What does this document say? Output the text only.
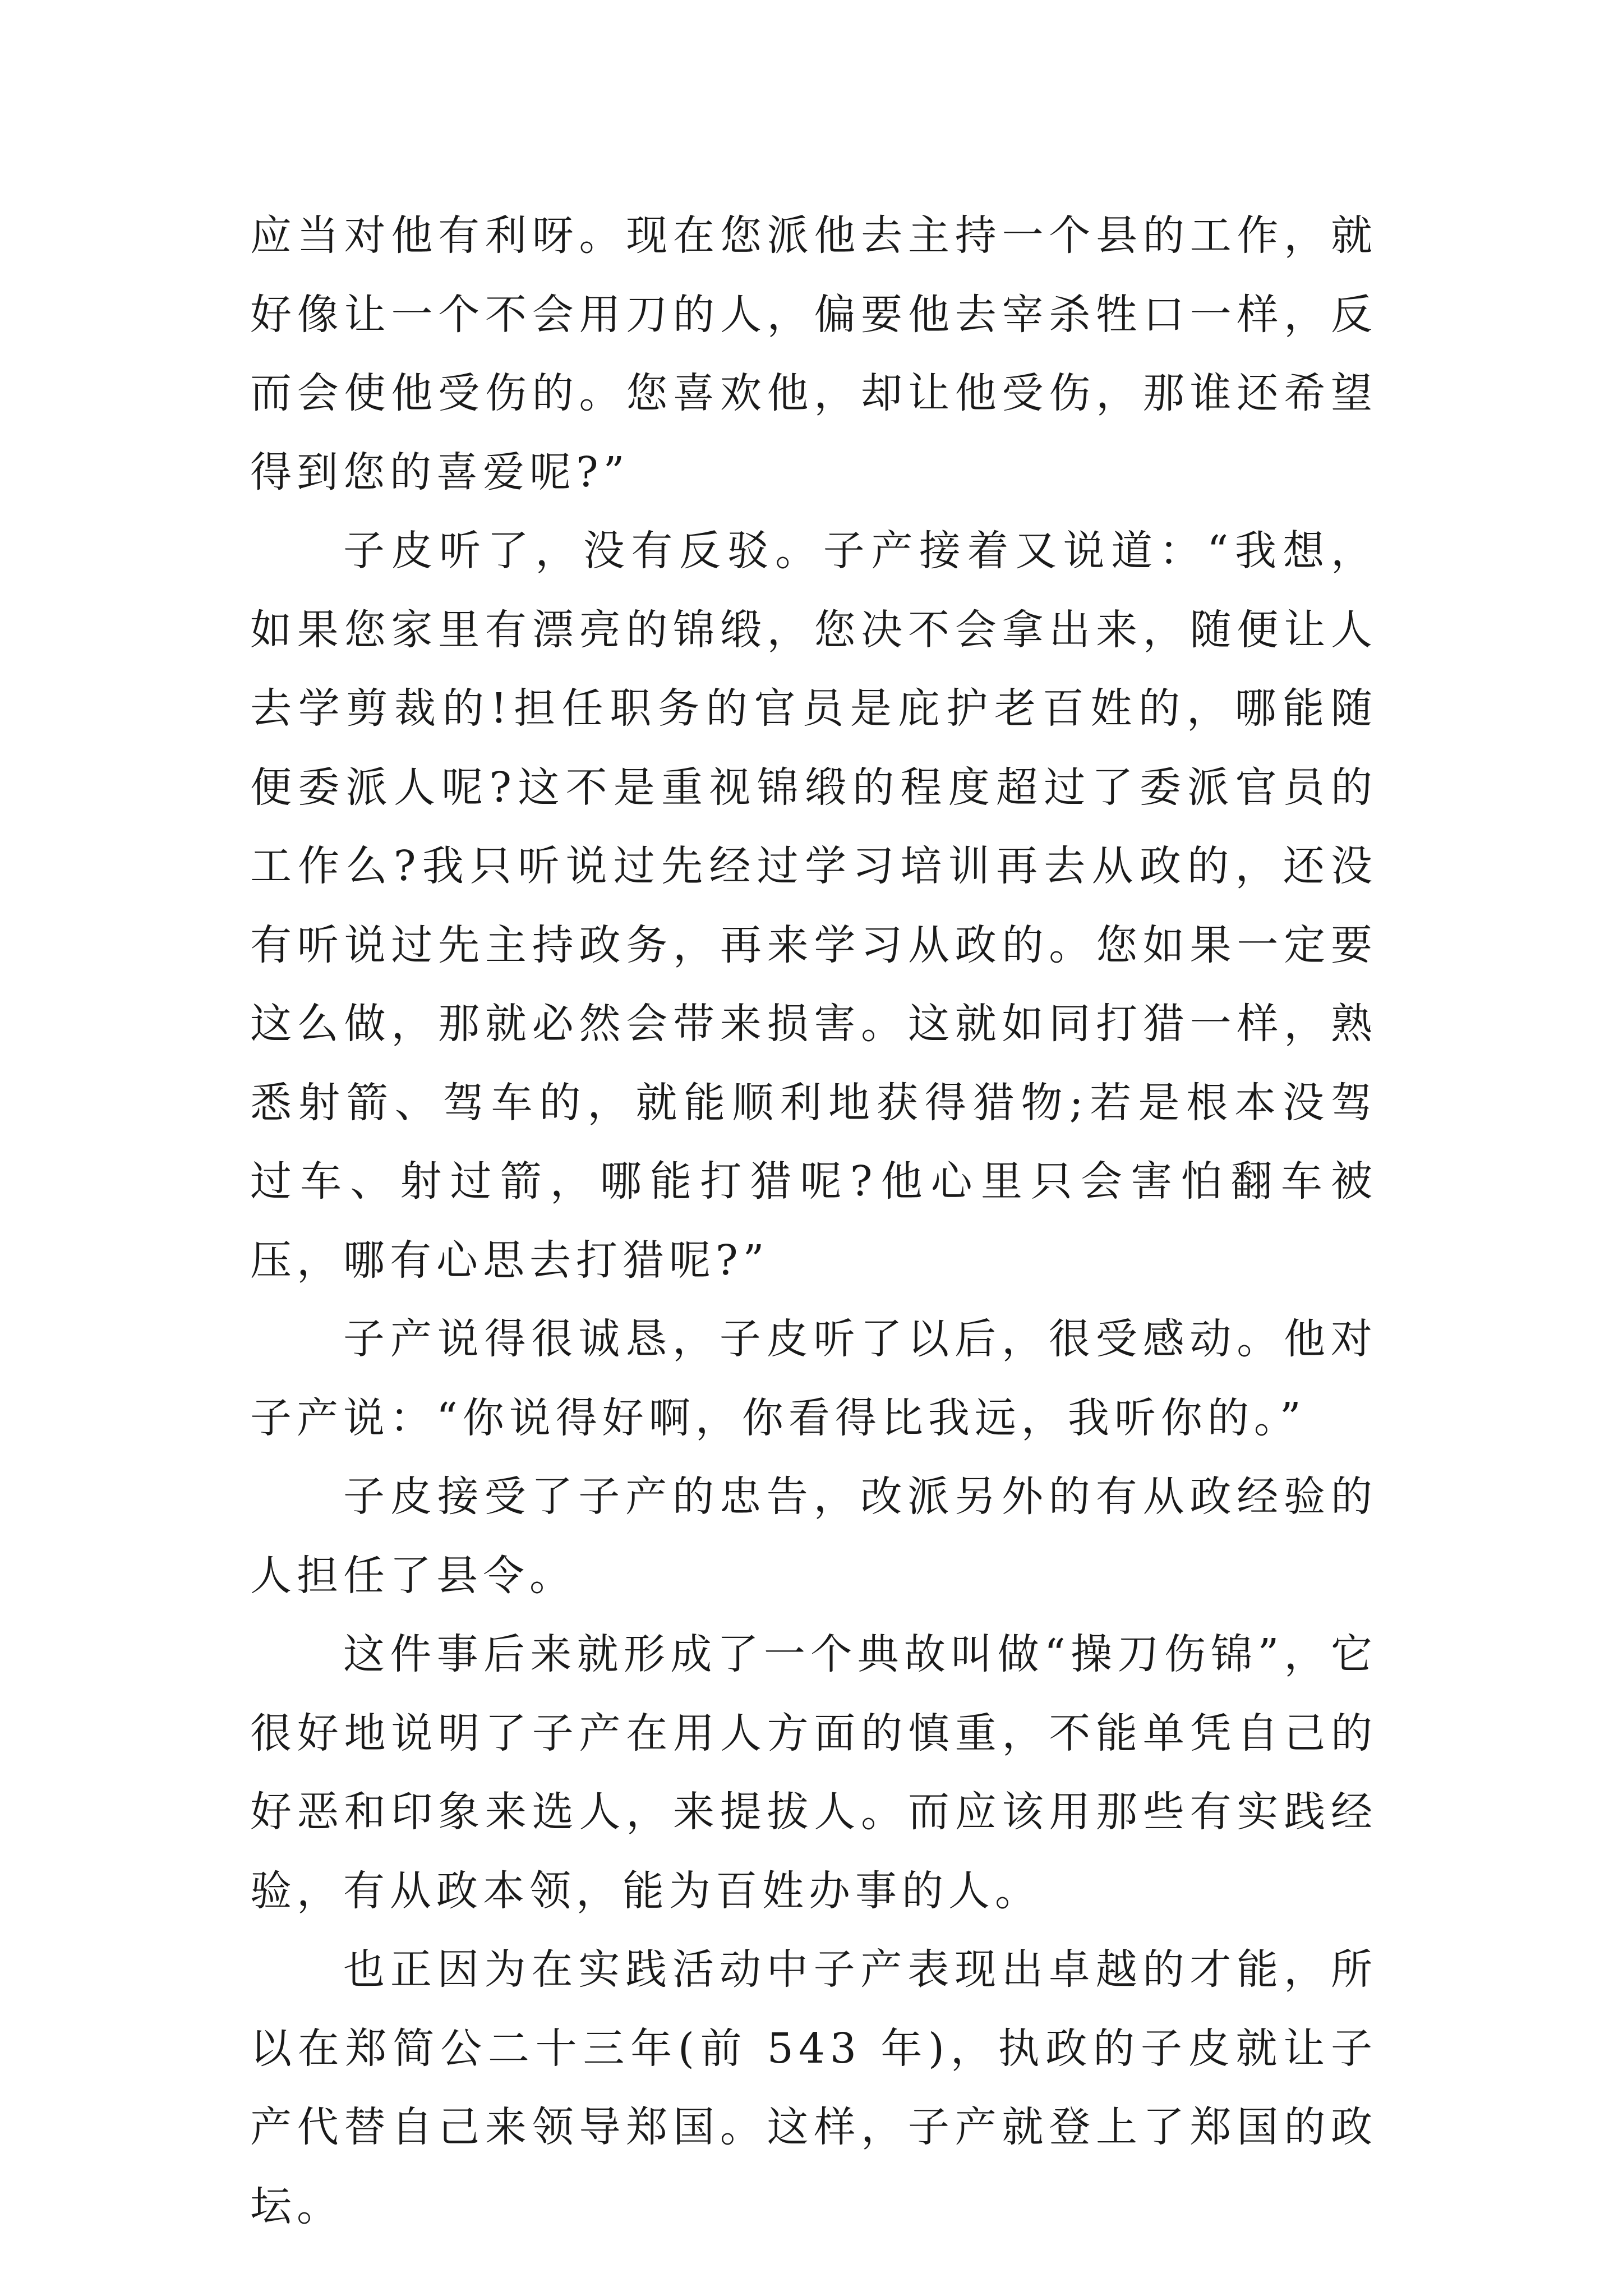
应当对他有利呀。现在您派他去主持一个县的工作，就好像让一个不会用刀的人，偏要他去宰杀牲口一样，反而会使他受伤的。您喜欢他，却让他受伤，那谁还希望得到您的喜爱呢?”

子皮听了，没有反驳。子产接着又说道：“我想，如果您家里有漂亮的锦缎，您决不会拿出来，随便让人去学剪裁的!担任职务的官员是庇护老百姓的，哪能随便委派人呢?这不是重视锦缎的程度超过了委派官员的工作么?我只听说过先经过学习培训再去从政的，还没有听说过先主持政务，再来学习从政的。您如果一定要这么做，那就必然会带来损害。这就如同打猎一样，熟悉射箭、驾车的，就能顺利地获得猎物;若是根本没驾过车、射过箭，哪能打猎呢?他心里只会害怕翻车被压，哪有心思去打猎呢?”

子产说得很诚恳，子皮听了以后，很受感动。他对子产说：“你说得好啊，你看得比我远，我听你的。”

子皮接受了子产的忠告，改派另外的有从政经验的人担任了县令。

这件事后来就形成了一个典故叫做“操刀伤锦”，它很好地说明了子产在用人方面的慎重，不能单凭自己的好恶和印象来选人，来提拔人。而应该用那些有实践经验，有从政本领，能为百姓办事的人。

也正因为在实践活动中子产表现出卓越的才能，所以在郑简公二十三年(前 543 年)，执政的子皮就让子产代替自己来领导郑国。这样，子产就登上了郑国的政坛。
